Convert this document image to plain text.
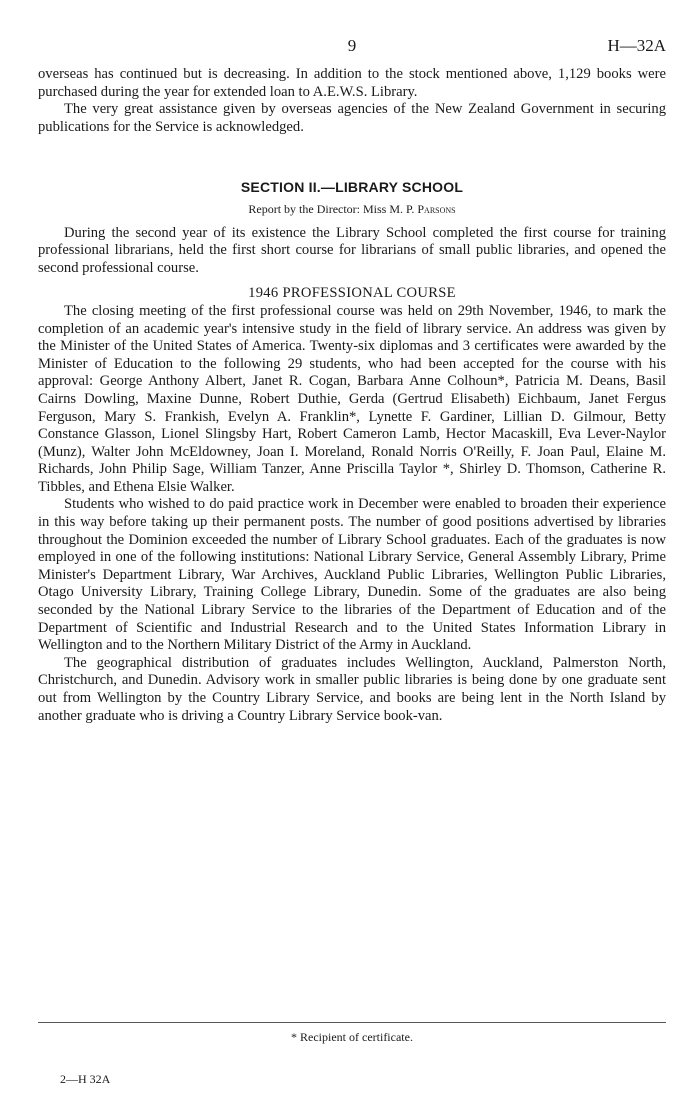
9	H—32A

overseas has continued but is decreasing. In addition to the stock mentioned above, 1,129 books were purchased during the year for extended loan to A.E.W.S. Library.

The very great assistance given by overseas agencies of the New Zealand Government in securing publications for the Service is acknowledged.

SECTION II.—LIBRARY SCHOOL
Report by the Director: Miss M. P. Parsons

During the second year of its existence the Library School completed the first course for training professional librarians, held the first short course for librarians of small public libraries, and opened the second professional course.

1946 PROFESSIONAL COURSE

The closing meeting of the first professional course was held on 29th November, 1946, to mark the completion of an academic year's intensive study in the field of library service. An address was given by the Minister of the United States of America. Twenty-six diplomas and 3 certificates were awarded by the Minister of Education to the following 29 students, who had been accepted for the course with his approval: George Anthony Albert, Janet R. Cogan, Barbara Anne Colhoun*, Patricia M. Deans, Basil Cairns Dowling, Maxine Dunne, Robert Duthie, Gerda (Gertrud Elisabeth) Eichbaum, Janet Fergus Ferguson, Mary S. Frankish, Evelyn A. Franklin*, Lynette F. Gardiner, Lillian D. Gilmour, Betty Constance Glasson, Lionel Slingsby Hart, Robert Cameron Lamb, Hector Macaskill, Eva Lever-Naylor (Munz), Walter John McEldowney, Joan I. Moreland, Ronald Norris O'Reilly, F. Joan Paul, Elaine M. Richards, John Philip Sage, William Tanzer, Anne Priscilla Taylor *, Shirley D. Thomson, Catherine R. Tibbles, and Ethena Elsie Walker.

Students who wished to do paid practice work in December were enabled to broaden their experience in this way before taking up their permanent posts. The number of good positions advertised by libraries throughout the Dominion exceeded the number of Library School graduates. Each of the graduates is now employed in one of the following institutions: National Library Service, General Assembly Library, Prime Minister's Department Library, War Archives, Auckland Public Libraries, Wellington Public Libraries, Otago University Library, Training College Library, Dunedin. Some of the graduates are also being seconded by the National Library Service to the libraries of the Department of Education and of the Department of Scientific and Industrial Research and to the United States Information Library in Wellington and to the Northern Military District of the Army in Auckland.

The geographical distribution of graduates includes Wellington, Auckland, Palmerston North, Christchurch, and Dunedin. Advisory work in smaller public libraries is being done by one graduate sent out from Wellington by the Country Library Service, and books are being lent in the North Island by another graduate who is driving a Country Library Service book-van.

* Recipient of certificate.
2—H 32A
